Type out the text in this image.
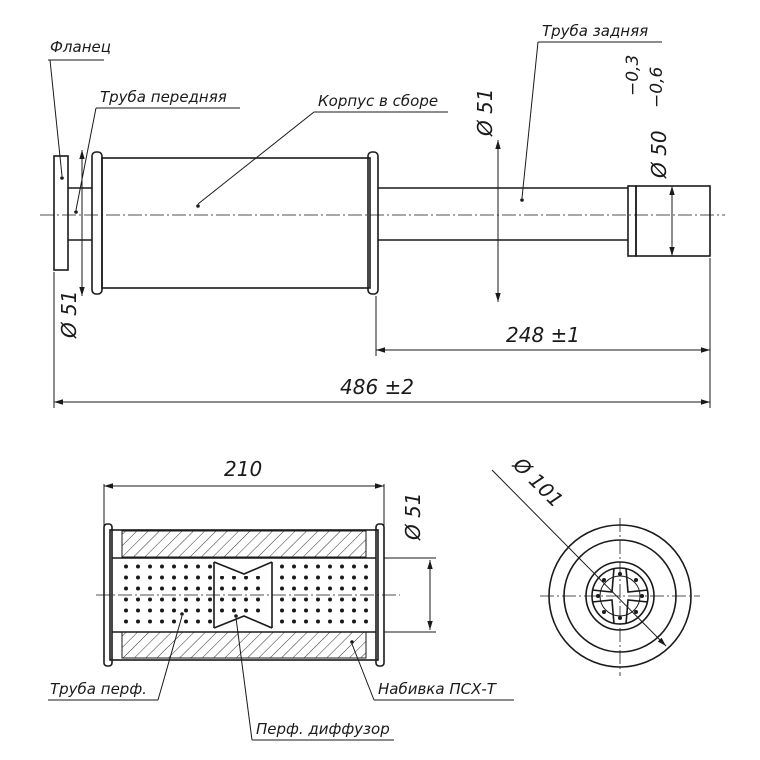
Ø 51
Ø 50
−0,3 −0,6
Ø 51	248 ±1
486 ±2
Фланец
Труба передняя	Корпус в сборе
Труба задняя
210
Ø 51
Труба перф.	Набивка ПСХ-Т
Перф. диффузор
Ø 101
